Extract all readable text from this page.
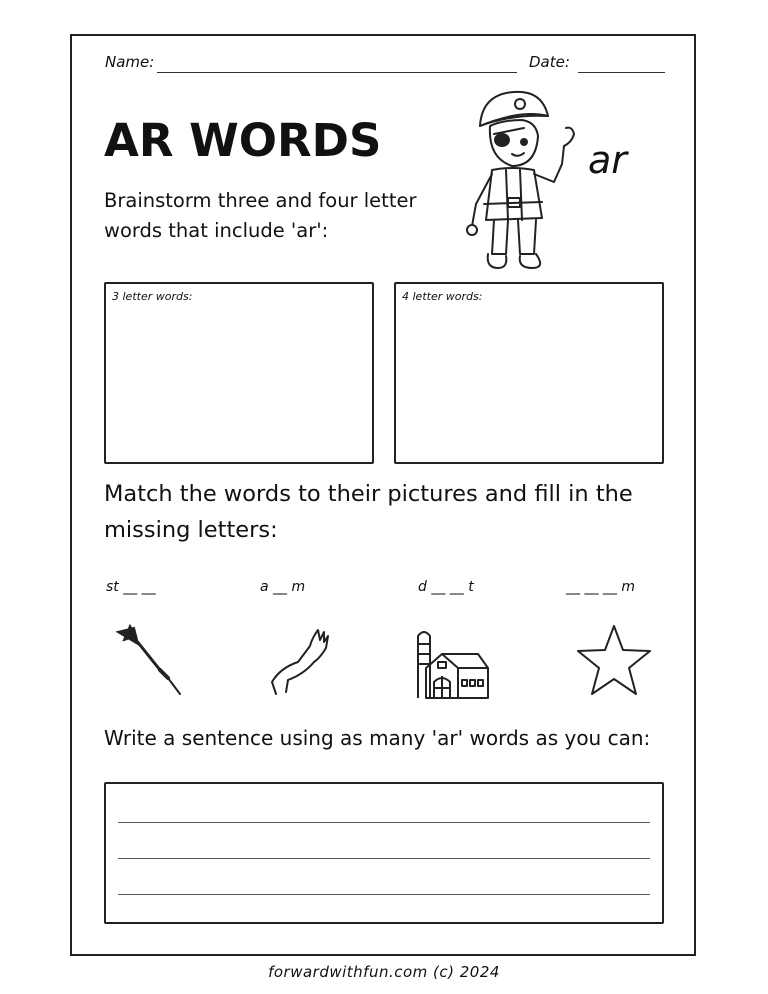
Name:	Date:
AR WORDS
Brainstorm three and four letter words that include 'ar':
ar
3 letter words:	4 letter words:
Match the words to their pictures and fill in the missing letters:
st __ __	a __ m	d __ __ t	__ __ __ m
Write a sentence using as many 'ar' words as you can:
forwardwithfun.com (c) 2024
